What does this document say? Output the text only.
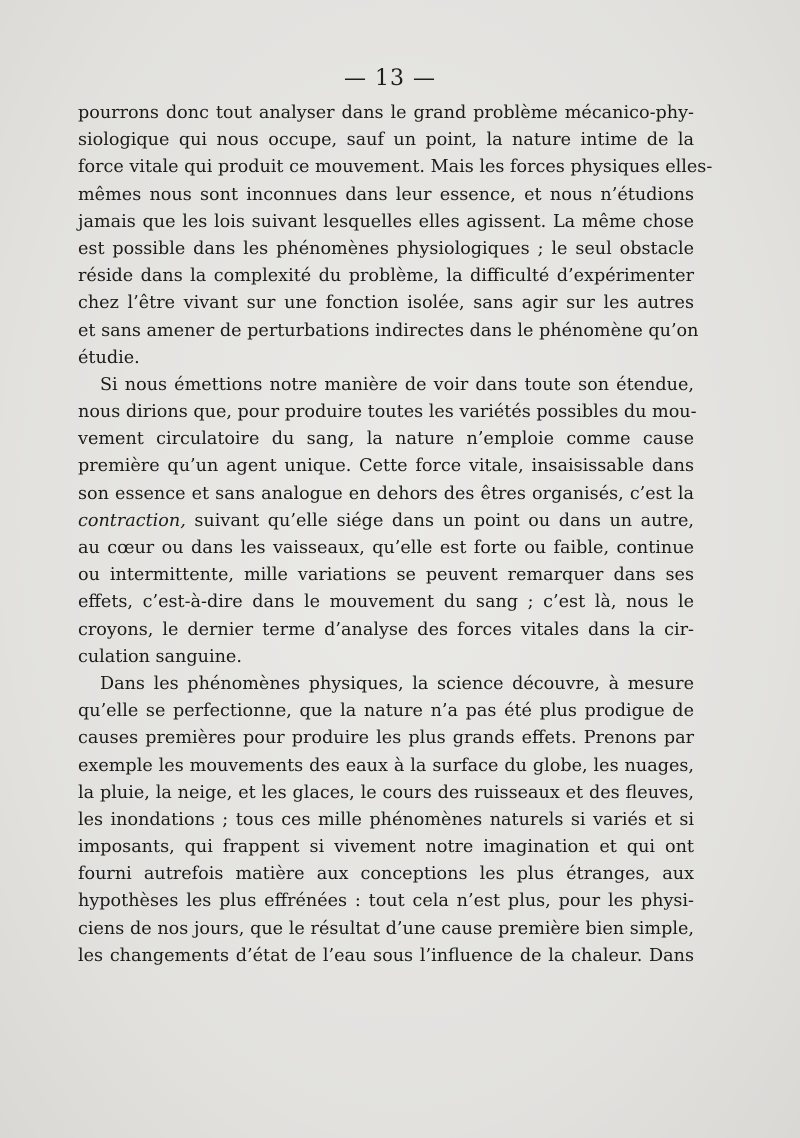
— 13 —
pourrons donc tout analyser dans le grand problème mécanico-phy-
siologique qui nous occupe, sauf un point, la nature intime de la
force vitale qui produit ce mouvement. Mais les forces physiques elles-
mêmes nous sont inconnues dans leur essence, et nous n’étudions
jamais que les lois suivant lesquelles elles agissent. La même chose
est possible dans les phénomènes physiologiques ; le seul obstacle
réside dans la complexité du problème, la difficulté d’expérimenter
chez l’être vivant sur une fonction isolée, sans agir sur les autres
et sans amener de perturbations indirectes dans le phénomène qu’on
étudie.
Si nous émettions notre manière de voir dans toute son étendue,
nous dirions que, pour produire toutes les variétés possibles du mou-
vement circulatoire du sang, la nature n’emploie comme cause
première qu’un agent unique. Cette force vitale, insaisissable dans
son essence et sans analogue en dehors des êtres organisés, c’est la
contraction, suivant qu’elle siége dans un point ou dans un autre,
au cœur ou dans les vaisseaux, qu’elle est forte ou faible, continue
ou intermittente, mille variations se peuvent remarquer dans ses
effets, c’est-à-dire dans le mouvement du sang ; c’est là, nous le
croyons, le dernier terme d’analyse des forces vitales dans la cir-
culation sanguine.
Dans les phénomènes physiques, la science découvre, à mesure
qu’elle se perfectionne, que la nature n’a pas été plus prodigue de
causes premières pour produire les plus grands effets. Prenons par
exemple les mouvements des eaux à la surface du globe, les nuages,
la pluie, la neige, et les glaces, le cours des ruisseaux et des fleuves,
les inondations ; tous ces mille phénomènes naturels si variés et si
imposants, qui frappent si vivement notre imagination et qui ont
fourni autrefois matière aux conceptions les plus étranges, aux
hypothèses les plus effrénées : tout cela n’est plus, pour les physi-
ciens de nos jours, que le résultat d’une cause première bien simple,
les changements d’état de l’eau sous l’influence de la chaleur. Dans
